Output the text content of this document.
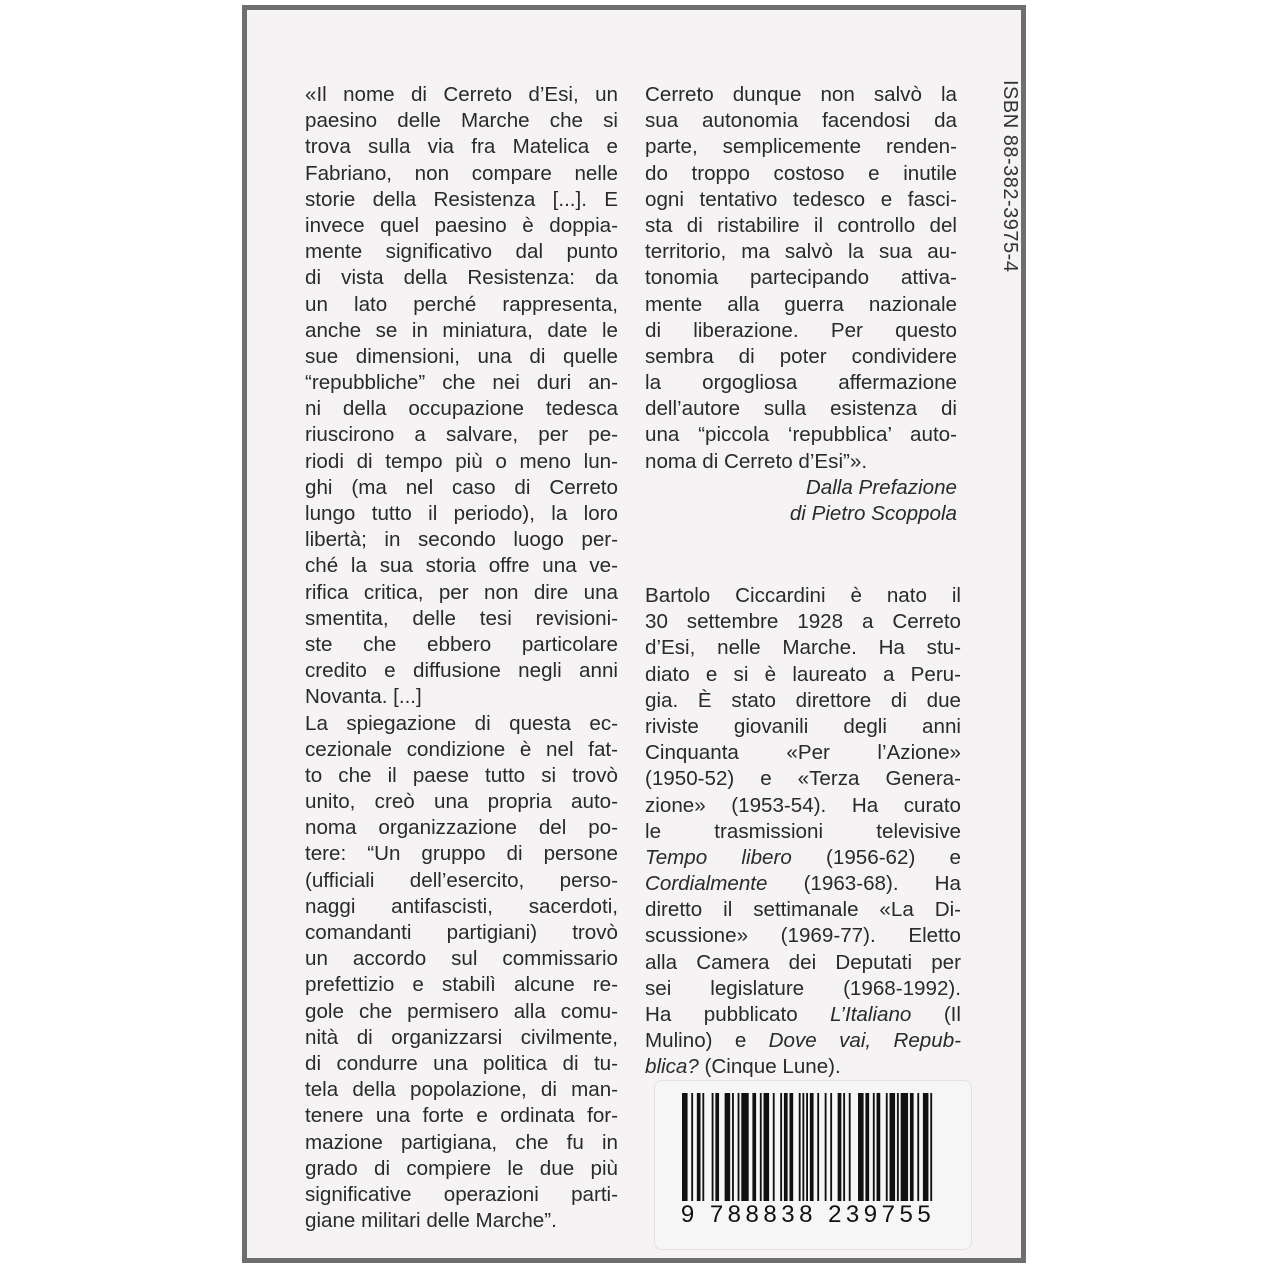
«Il nome di Cerreto d’Esi, un
paesino delle Marche che si
trova sulla via fra Matelica e
Fabriano, non compare nelle
storie della Resistenza [...]. E
invece quel paesino è doppia-
mente significativo dal punto
di vista della Resistenza: da
un lato perché rappresenta,
anche se in miniatura, date le
sue dimensioni, una di quelle
“repubbliche” che nei duri an-
ni della occupazione tedesca
riuscirono a salvare, per pe-
riodi di tempo più o meno lun-
ghi (ma nel caso di Cerreto
lungo tutto il periodo), la loro
libertà; in secondo luogo per-
ché la sua storia offre una ve-
rifica critica, per non dire una
smentita, delle tesi revisioni-
ste che ebbero particolare
credito e diffusione negli anni
Novanta. [...]
La spiegazione di questa ec-
cezionale condizione è nel fat-
to che il paese tutto si trovò
unito, creò una propria auto-
noma organizzazione del po-
tere: “Un gruppo di persone
(ufficiali dell’esercito, perso-
naggi antifascisti, sacerdoti,
comandanti partigiani) trovò
un accordo sul commissario
prefettizio e stabilì alcune re-
gole che permisero alla comu-
nità di organizzarsi civilmente,
di condurre una politica di tu-
tela della popolazione, di man-
tenere una forte e ordinata for-
mazione partigiana, che fu in
grado di compiere le due più
significative operazioni parti-
giane militari delle Marche”.
Cerreto dunque non salvò la
sua autonomia facendosi da
parte, semplicemente renden-
do troppo costoso e inutile
ogni tentativo tedesco e fasci-
sta di ristabilire il controllo del
territorio, ma salvò la sua au-
tonomia partecipando attiva-
mente alla guerra nazionale
di liberazione. Per questo
sembra di poter condividere
la orgogliosa affermazione
dell’autore sulla esistenza di
una “piccola ‘repubblica’ auto-
noma di Cerreto d’Esi”».
Dalla Prefazione
di Pietro Scoppola
Bartolo Ciccardini è nato il
30 settembre 1928 a Cerreto
d’Esi, nelle Marche. Ha stu-
diato e si è laureato a Peru-
gia. È stato direttore di due
riviste giovanili degli anni
Cinquanta «Per l’Azione»
(1950-52) e «Terza Genera-
zione» (1953-54). Ha curato
le trasmissioni televisive
Tempo libero (1956-62) e
Cordialmente (1963-68). Ha
diretto il settimanale «La Di-
scussione» (1969-77). Eletto
alla Camera dei Deputati per
sei legislature (1968-1992).
Ha pubblicato L’Italiano (Il
Mulino) e Dove vai, Repub-
blica? (Cinque Lune).
ISBN 88-382-3975-4
9 788838 239755
